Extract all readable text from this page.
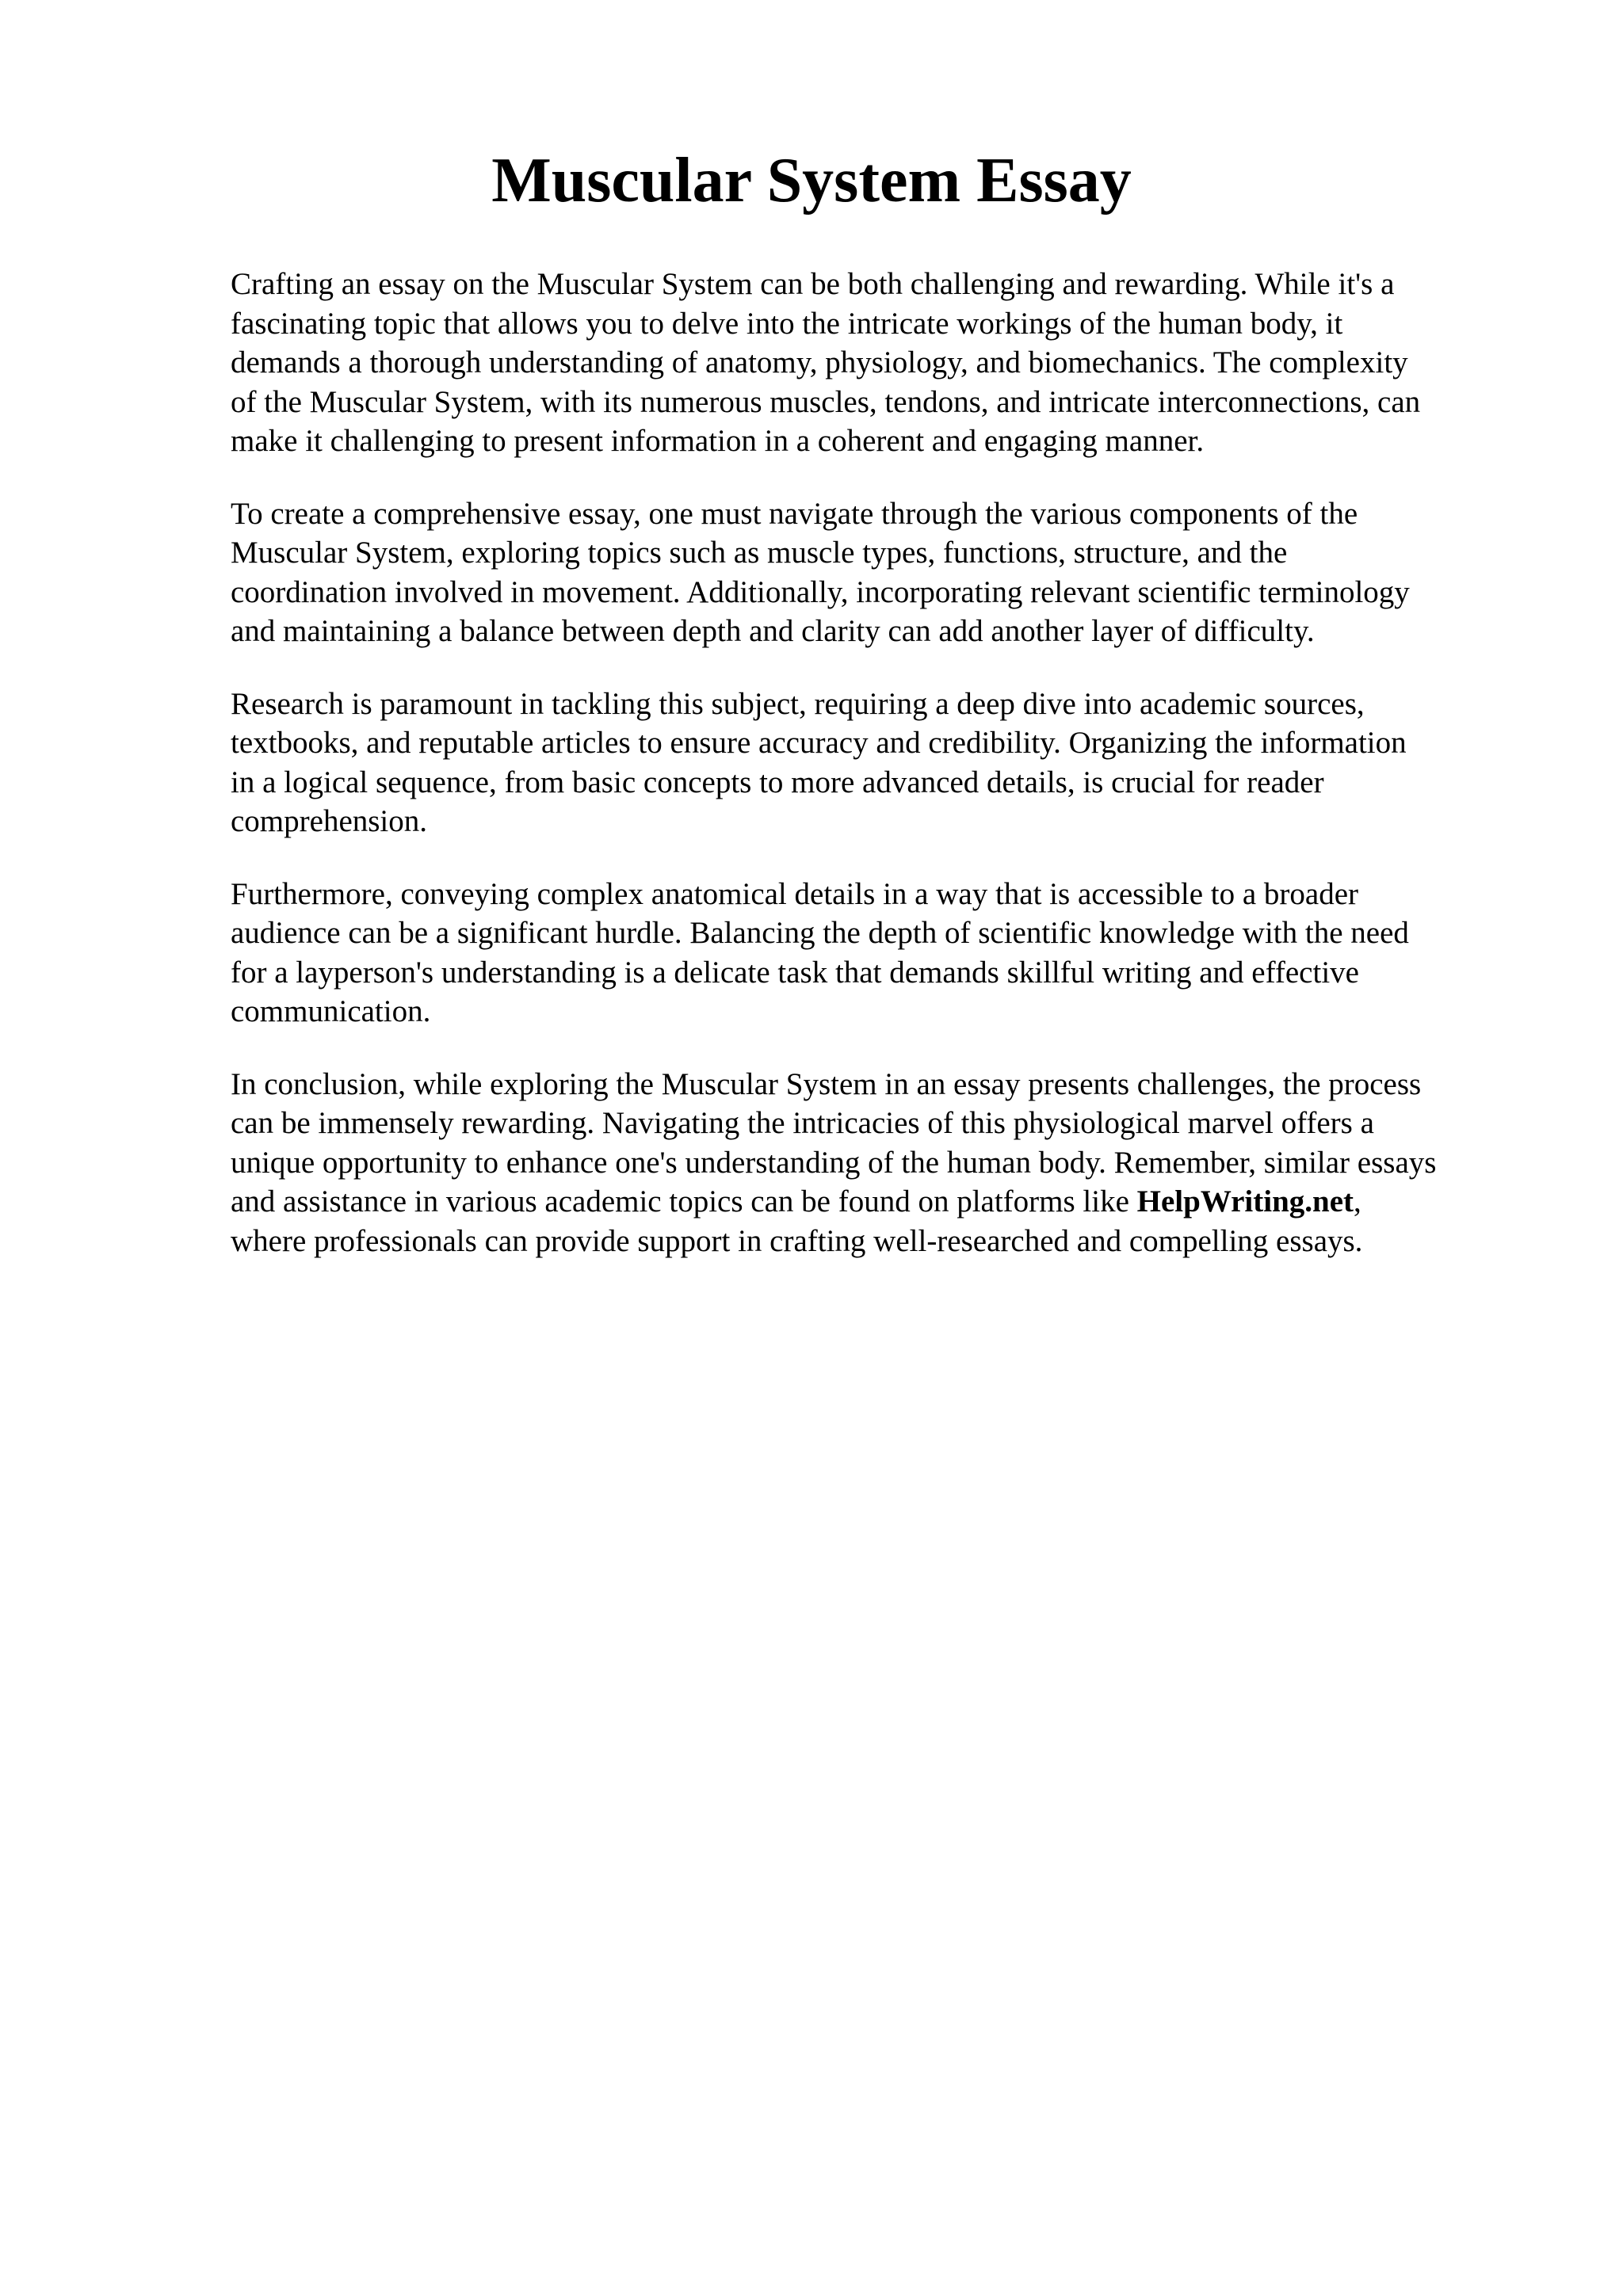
Muscular System Essay

Crafting an essay on the Muscular System can be both challenging and rewarding. While it's a
fascinating topic that allows you to delve into the intricate workings of the human body, it
demands a thorough understanding of anatomy, physiology, and biomechanics. The complexity
of the Muscular System, with its numerous muscles, tendons, and intricate interconnections, can
make it challenging to present information in a coherent and engaging manner.

To create a comprehensive essay, one must navigate through the various components of the
Muscular System, exploring topics such as muscle types, functions, structure, and the
coordination involved in movement. Additionally, incorporating relevant scientific terminology
and maintaining a balance between depth and clarity can add another layer of difficulty.

Research is paramount in tackling this subject, requiring a deep dive into academic sources,
textbooks, and reputable articles to ensure accuracy and credibility. Organizing the information
in a logical sequence, from basic concepts to more advanced details, is crucial for reader
comprehension.

Furthermore, conveying complex anatomical details in a way that is accessible to a broader
audience can be a significant hurdle. Balancing the depth of scientific knowledge with the need
for a layperson's understanding is a delicate task that demands skillful writing and effective
communication.

In conclusion, while exploring the Muscular System in an essay presents challenges, the process
can be immensely rewarding. Navigating the intricacies of this physiological marvel offers a
unique opportunity to enhance one's understanding of the human body. Remember, similar essays
and assistance in various academic topics can be found on platforms like HelpWriting.net,
where professionals can provide support in crafting well-researched and compelling essays.
